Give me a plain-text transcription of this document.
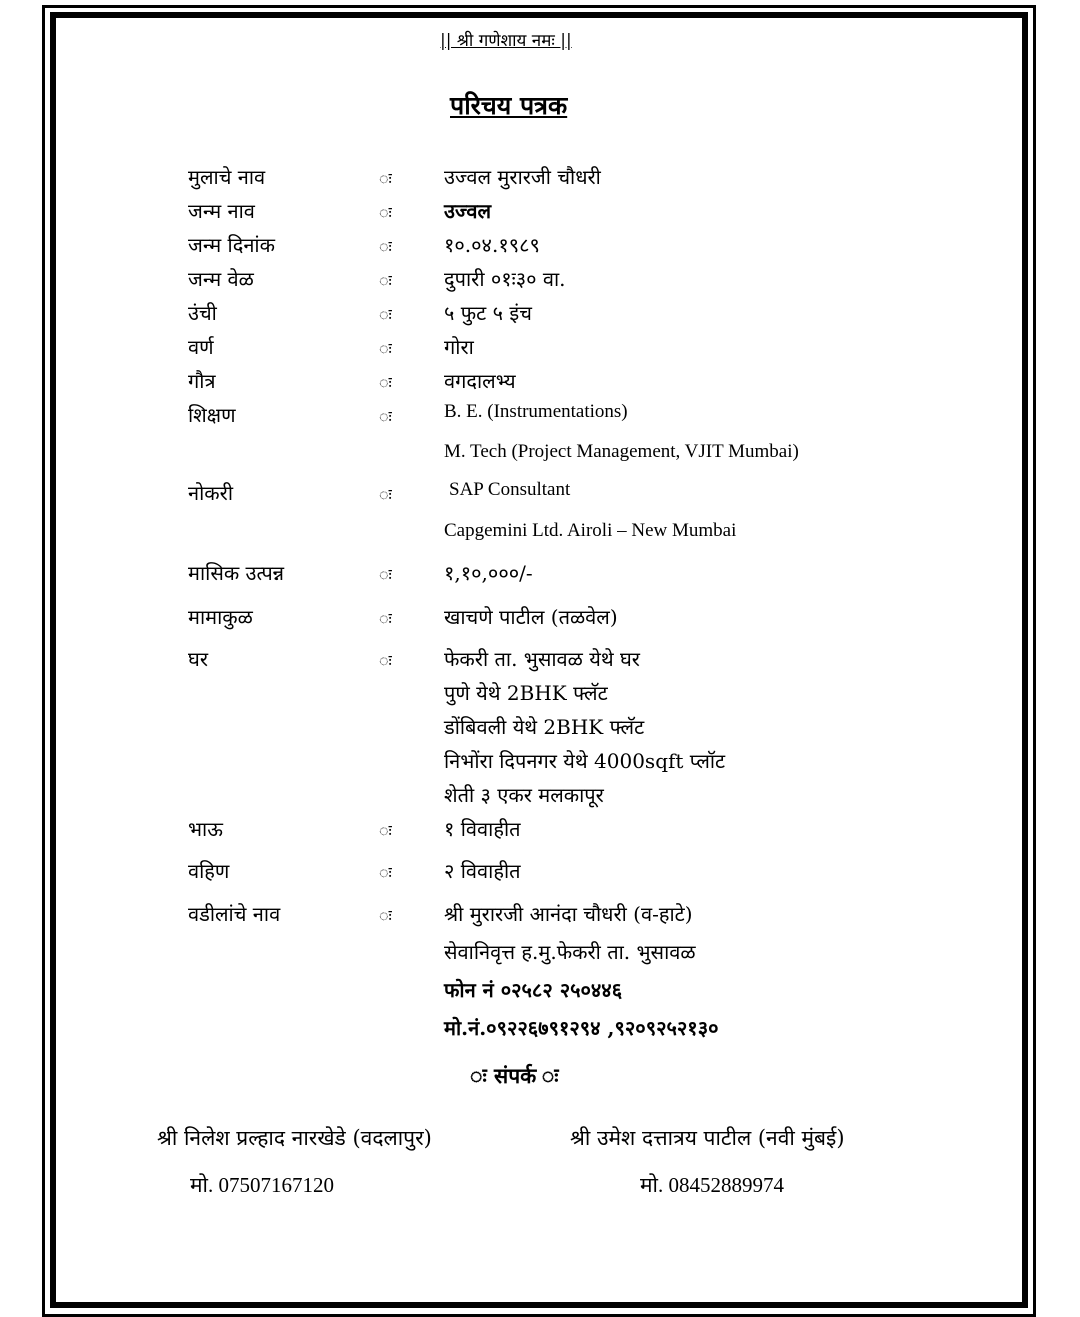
|| श्री गणेशाय नमः ||
परिचय पत्रक
मुलाचे नाव	ः	उज्वल मुरारजी चौधरी
जन्म नाव	ः	उज्वल
जन्म दिनांक	ः	१०.०४.१९८९
जन्म वेळ	ः	दुपारी ०१ः३० वा.
उंची	ः	५ फुट ५ इंच
वर्ण	ः	गोरा
गौत्र	ः	वगदालभ्य
शिक्षण	ः	B. E. (Instrumentations)
M. Tech (Project Management, VJIT Mumbai)
नोकरी	ः	SAP Consultant
Capgemini Ltd. Airoli – New Mumbai
मासिक उत्पन्न	ः	१,१०,०००/-
मामाकुळ	ः	खाचणे पाटील (तळवेल)
घर	ः	फेकरी ता. भुसावळ येथे घर
पुणे येथे 2BHK फ्लॅट
डोंबिवली येथे 2BHK फ्लॅट
निभोंरा दिपनगर येथे 4000sqft प्लॉट
शेती ३ एकर मलकापूर
भाऊ	ः	१ विवाहीत
वहिण	ः	२ विवाहीत
वडीलांचे नाव	ः	श्री मुरारजी आनंदा चौधरी (व-हाटे)
सेवानिवृत्त ह.मु.फेकरी ता. भुसावळ
फोन नं ०२५८२ २५०४४६
मो.नं.०९२२६७९१२९४ ,९२०९२५२१३०
ः संपर्क ः
श्री निलेश प्रल्हाद नारखेडे (वदलापुर)
मो. 07507167120
श्री उमेश दत्तात्रय पाटील (नवी मुंबई)
मो. 08452889974
